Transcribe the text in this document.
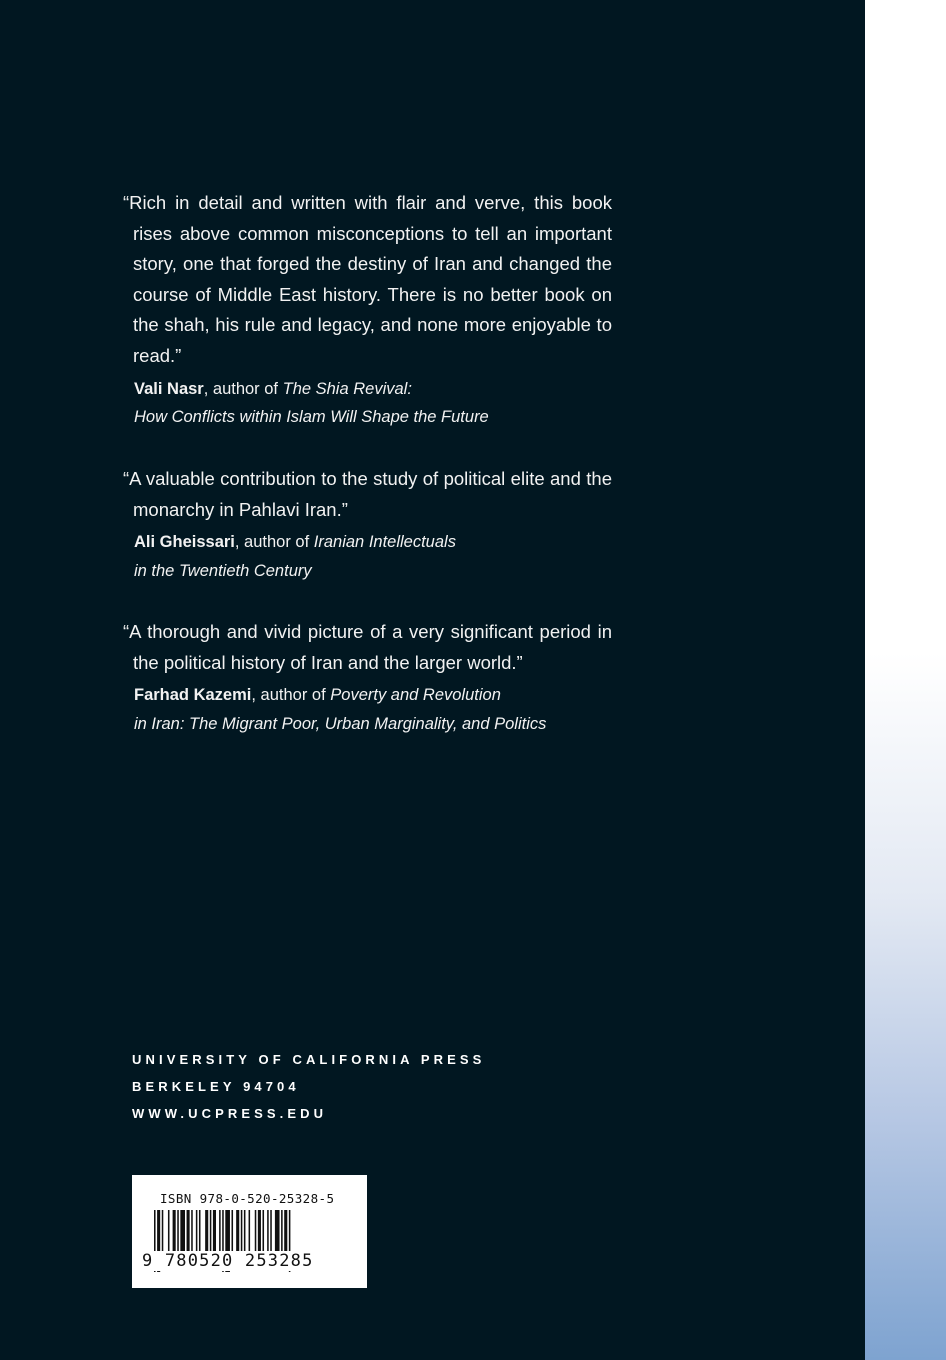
“Rich in detail and written with flair and verve, this book rises above common misconceptions to tell an important story, one that forged the destiny of Iran and changed the course of Middle East history. There is no better book on the shah, his rule and legacy, and none more enjoyable to read.”

Vali Nasr, author of The Shia Revival:
How Conflicts within Islam Will Shape the Future

“A valuable contribution to the study of political elite and the monarchy in Pahlavi Iran.”

Ali Gheissari, author of Iranian Intellectuals
in the Twentieth Century

“A thorough and vivid picture of a very significant period in the political history of Iran and the larger world.”

Farhad Kazemi, author of Poverty and Revolution
in Iran: The Migrant Poor, Urban Marginality, and Politics
UNIVERSITY OF CALIFORNIA PRESS
BERKELEY 94704
WWW.UCPRESS.EDU
ISBN 978-0-520-25328-5
9 780520 253285
